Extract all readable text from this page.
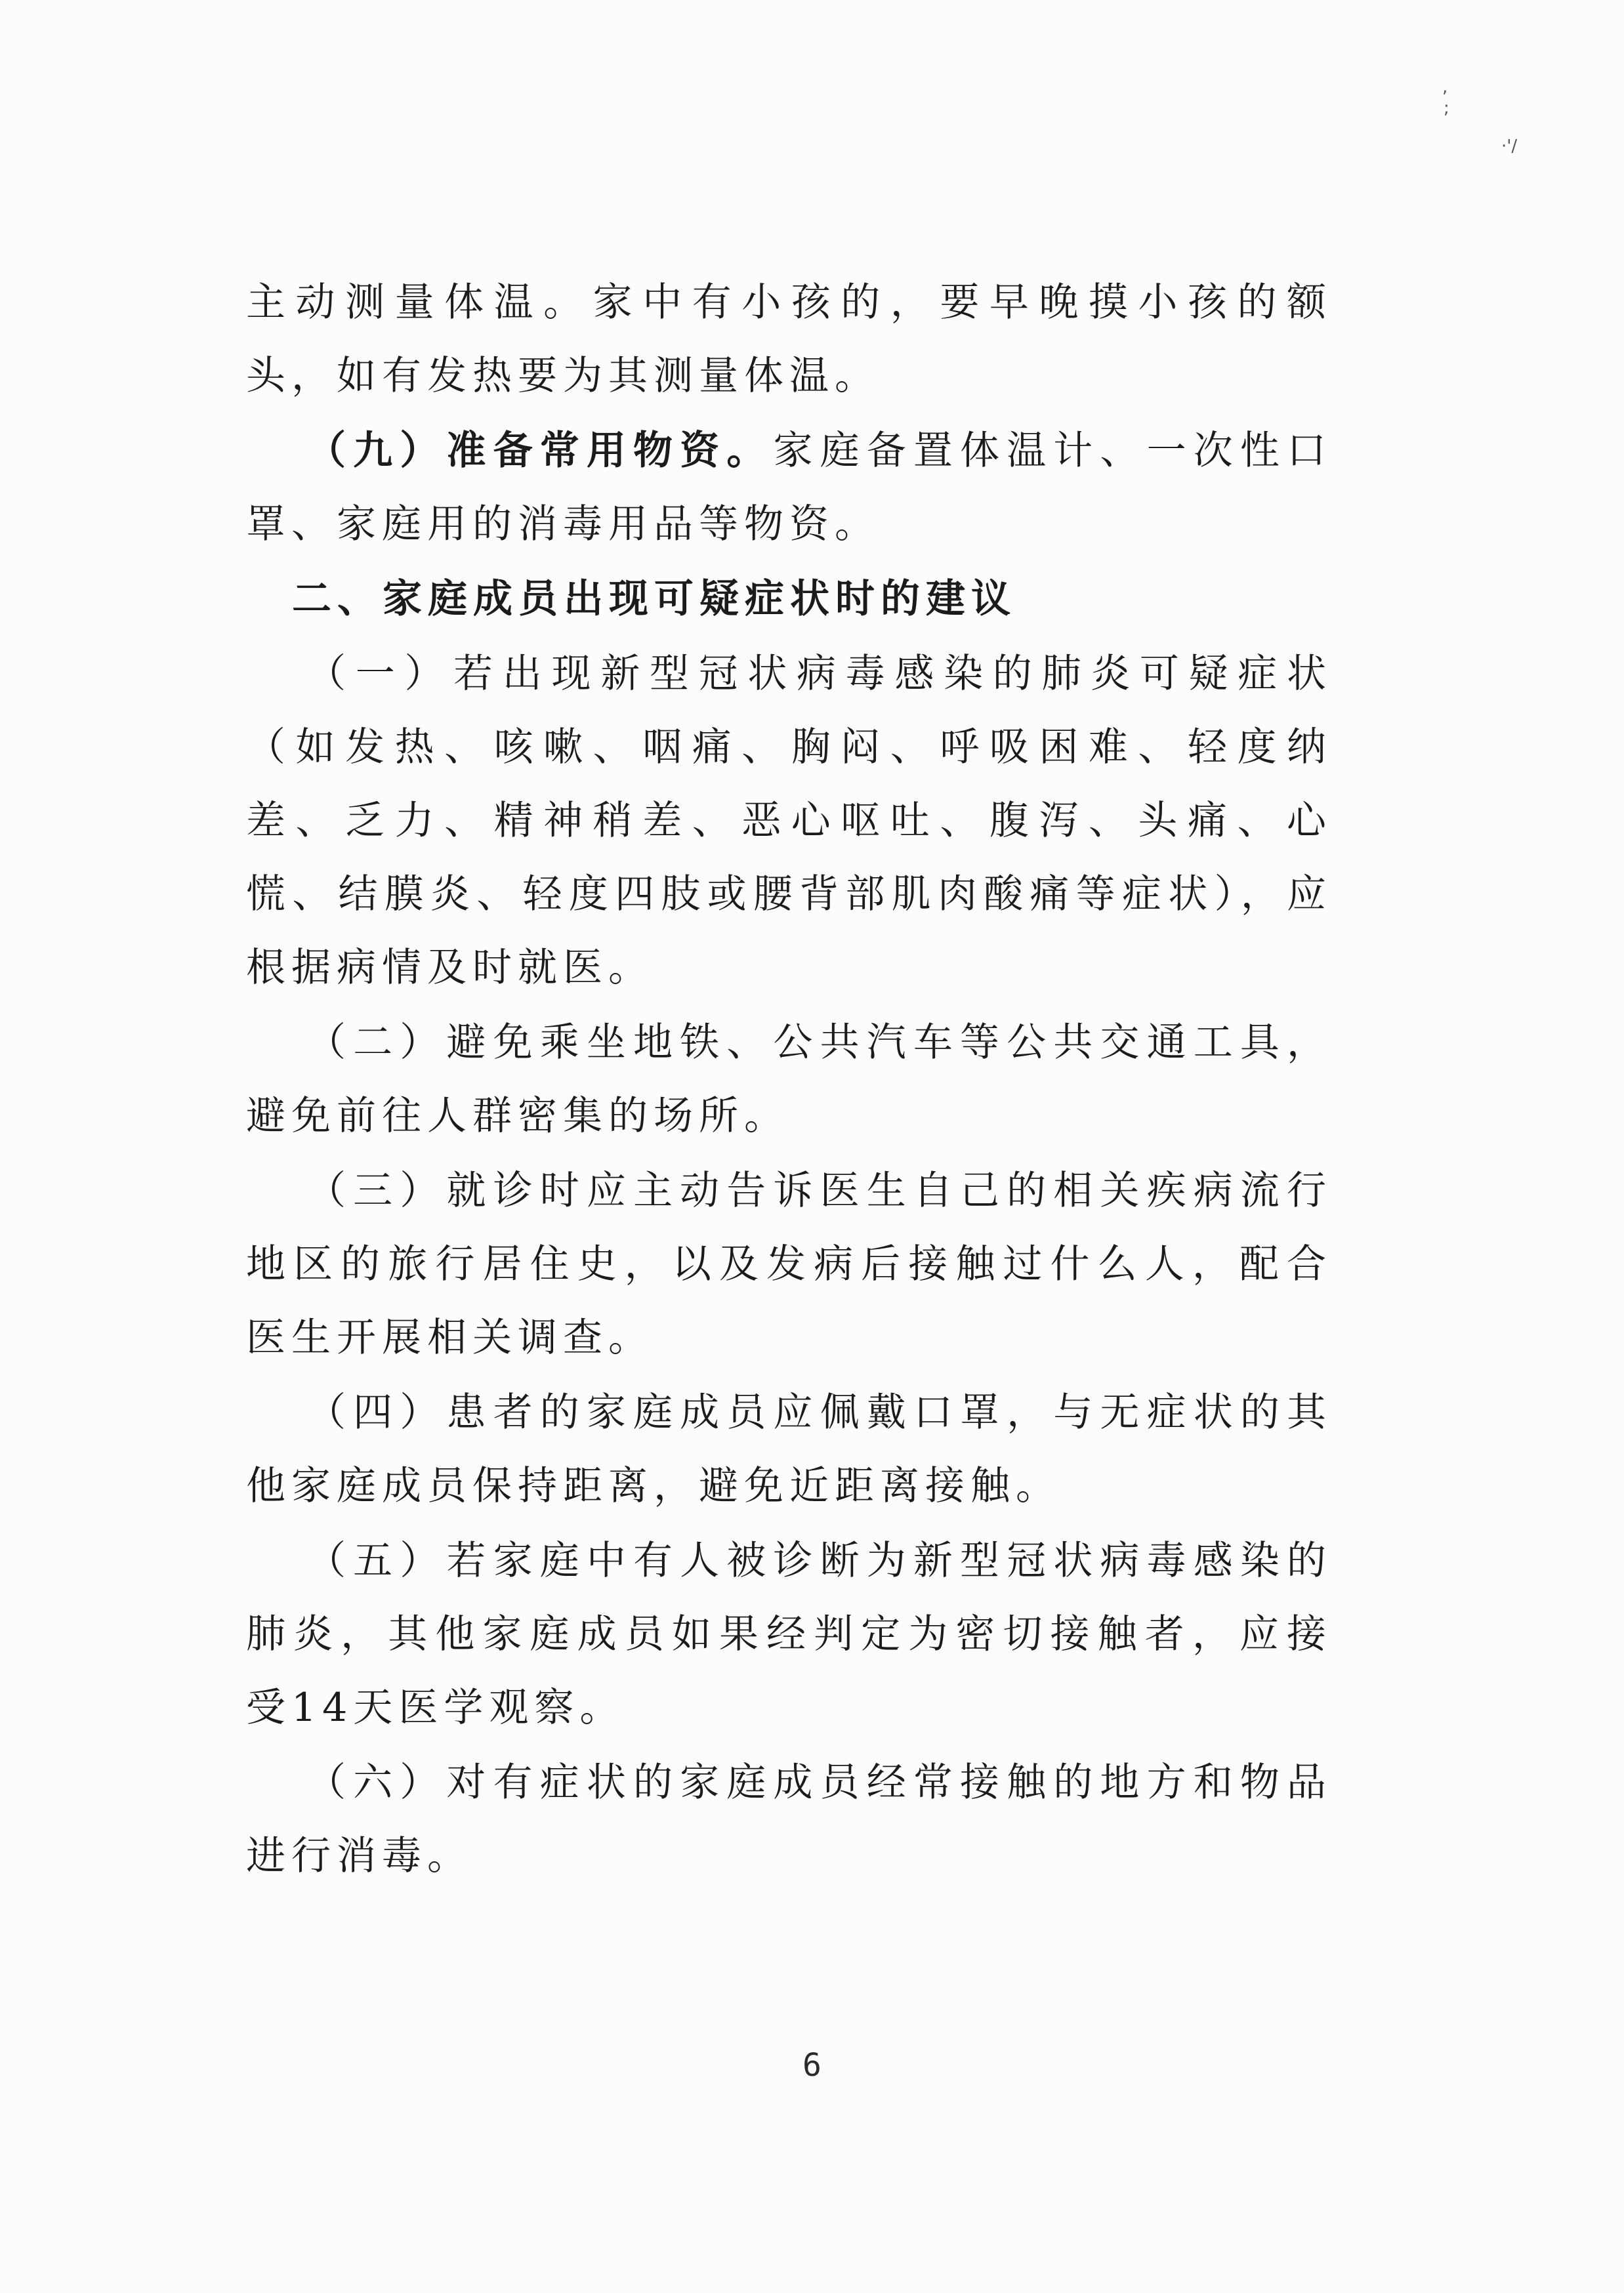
,
;
·'/

主动测量体温。家中有小孩的，要早晚摸小孩的额头，如有发热要为其测量体温。

（九）准备常用物资。家庭备置体温计、一次性口罩、家庭用的消毒用品等物资。

二、家庭成员出现可疑症状时的建议

（一）若出现新型冠状病毒感染的肺炎可疑症状（如发热、咳嗽、咽痛、胸闷、呼吸困难、轻度纳差、乏力、精神稍差、恶心呕吐、腹泻、头痛、心慌、结膜炎、轻度四肢或腰背部肌肉酸痛等症状），应根据病情及时就医。

（二）避免乘坐地铁、公共汽车等公共交通工具，避免前往人群密集的场所。

（三）就诊时应主动告诉医生自己的相关疾病流行地区的旅行居住史，以及发病后接触过什么人，配合医生开展相关调查。

（四）患者的家庭成员应佩戴口罩，与无症状的其他家庭成员保持距离，避免近距离接触。

（五）若家庭中有人被诊断为新型冠状病毒感染的肺炎，其他家庭成员如果经判定为密切接触者，应接受14天医学观察。

（六）对有症状的家庭成员经常接触的地方和物品进行消毒。

6
